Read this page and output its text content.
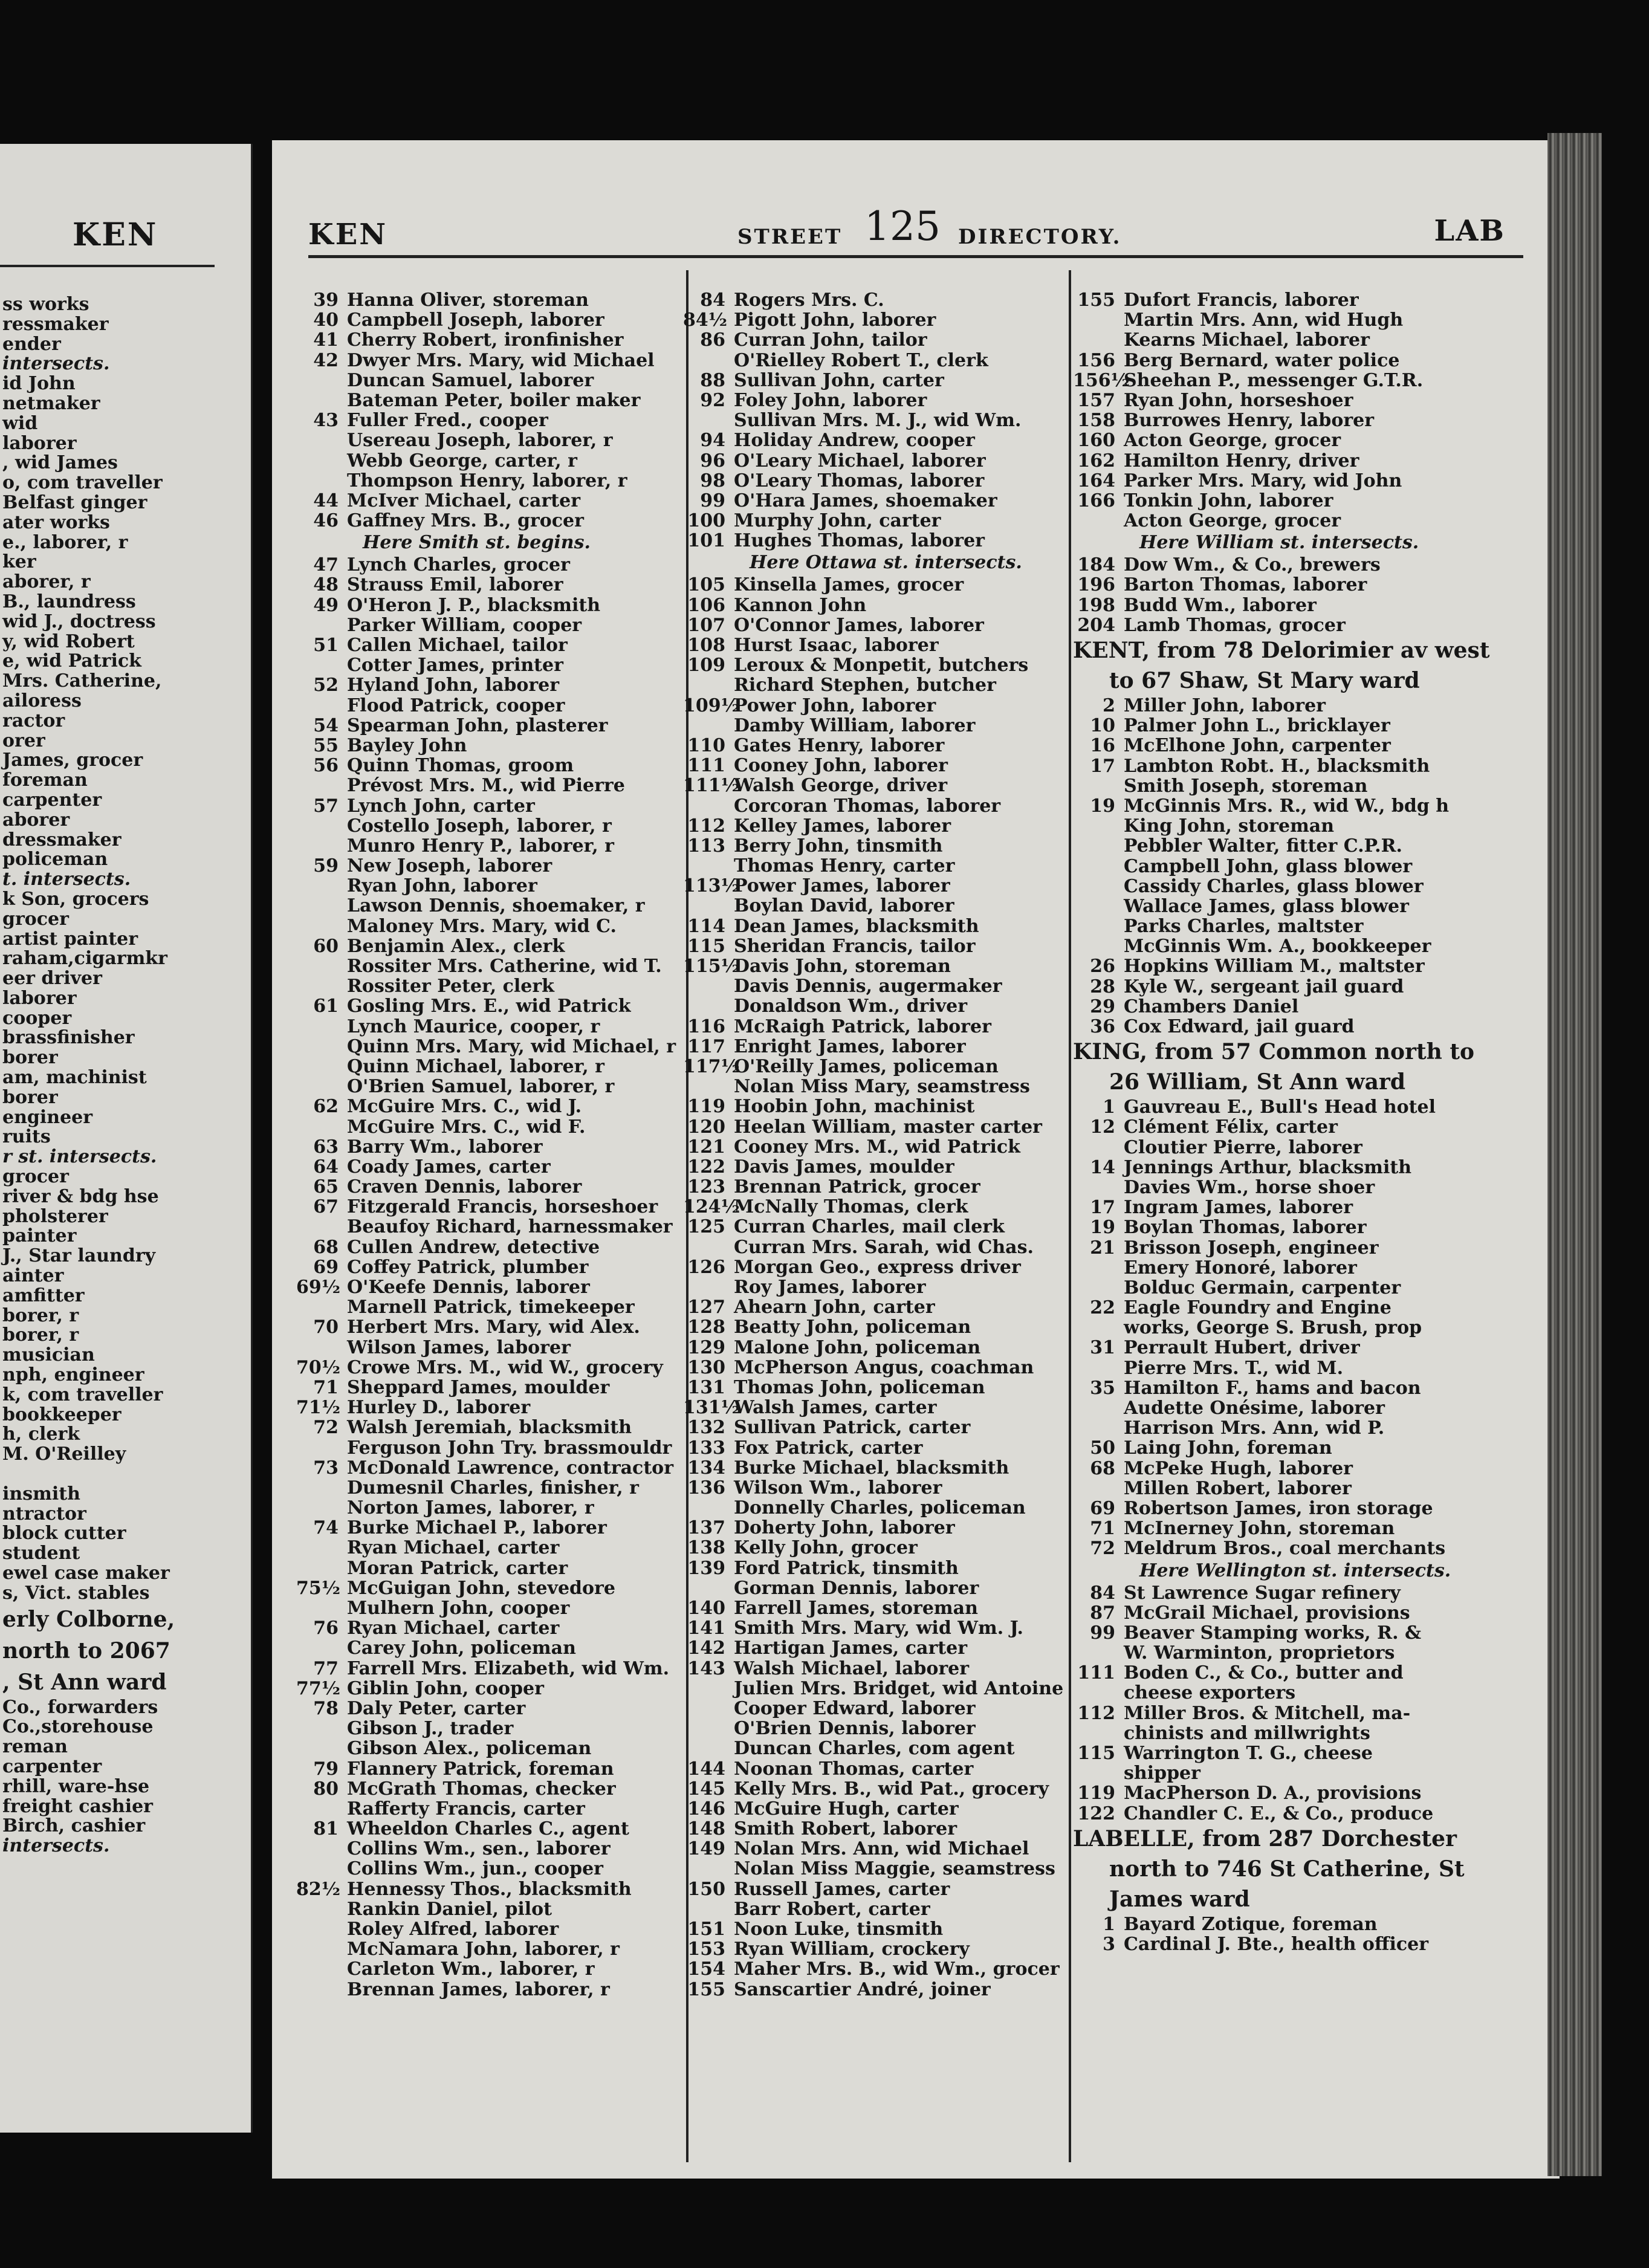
KEN
ss works
ressmaker
ender
intersects.
id John
netmaker
wid
laborer
, wid James
o, com traveller
Belfast ginger
ater works
e., laborer, r
ker
aborer, r
B., laundress
wid J., doctress
y, wid Robert
e, wid Patrick
Mrs. Catherine,
ailoress
ractor
orer
James, grocer
foreman
carpenter
aborer
dressmaker
policeman
t. intersects.
k Son, grocers
grocer
artist painter
raham,cigarmkr
eer driver
laborer
cooper
brassfinisher
borer
am, machinist
borer
engineer
ruits
r st. intersects.
grocer
river & bdg hse
pholsterer
painter
J., Star laundry
ainter
amfitter
borer, r
borer, r
musician
nph, engineer
k, com traveller
bookkeeper
h, clerk
M. O'Reilley
insmith
ntractor
block cutter
student
ewel case maker
s, Vict. stables
erly Colborne,
north to 2067
, St Ann ward
Co., forwarders
Co.,storehouse
reman
carpenter
rhill, ware-hse
freight cashier
Birch, cashier
intersects.
KEN	STREET 125 DIRECTORY.	LAB
39 Hanna Oliver, storeman
40 Campbell Joseph, laborer
41 Cherry Robert, ironfinisher
42 Dwyer Mrs. Mary, wid Michael
Duncan Samuel, laborer
Bateman Peter, boiler maker
43 Fuller Fred., cooper
Usereau Joseph, laborer, r
Webb George, carter, r
Thompson Henry, laborer, r
44 McIver Michael, carter
46 Gaffney Mrs. B., grocer
Here Smith st. begins.
47 Lynch Charles, grocer
48 Strauss Emil, laborer
49 O'Heron J. P., blacksmith
Parker William, cooper
51 Callen Michael, tailor
Cotter James, printer
52 Hyland John, laborer
Flood Patrick, cooper
54 Spearman John, plasterer
55 Bayley John
56 Quinn Thomas, groom
Prévost Mrs. M., wid Pierre
57 Lynch John, carter
Costello Joseph, laborer, r
Munro Henry P., laborer, r
59 New Joseph, laborer
Ryan John, laborer
Lawson Dennis, shoemaker, r
Maloney Mrs. Mary, wid C.
60 Benjamin Alex., clerk
Rossiter Mrs. Catherine, wid T.
Rossiter Peter, clerk
61 Gosling Mrs. E., wid Patrick
Lynch Maurice, cooper, r
Quinn Mrs. Mary, wid Michael, r
Quinn Michael, laborer, r
O'Brien Samuel, laborer, r
62 McGuire Mrs. C., wid J.
McGuire Mrs. C., wid F.
63 Barry Wm., laborer
64 Coady James, carter
65 Craven Dennis, laborer
67 Fitzgerald Francis, horseshoer
Beaufoy Richard, harnessmaker
68 Cullen Andrew, detective
69 Coffey Patrick, plumber
69½ O'Keefe Dennis, laborer
Marnell Patrick, timekeeper
70 Herbert Mrs. Mary, wid Alex.
Wilson James, laborer
70½ Crowe Mrs. M., wid W., grocery
71 Sheppard James, moulder
71½ Hurley D., laborer
72 Walsh Jeremiah, blacksmith
Ferguson John Try. brassmouldr
73 McDonald Lawrence, contractor
Dumesnil Charles, finisher, r
Norton James, laborer, r
74 Burke Michael P., laborer
Ryan Michael, carter
Moran Patrick, carter
75½ McGuigan John, stevedore
Mulhern John, cooper
76 Ryan Michael, carter
Carey John, policeman
77 Farrell Mrs. Elizabeth, wid Wm.
77½ Giblin John, cooper
78 Daly Peter, carter
Gibson J., trader
Gibson Alex., policeman
79 Flannery Patrick, foreman
80 McGrath Thomas, checker
Rafferty Francis, carter
81 Wheeldon Charles C., agent
Collins Wm., sen., laborer
Collins Wm., jun., cooper
82½ Hennessy Thos., blacksmith
Rankin Daniel, pilot
Roley Alfred, laborer
McNamara John, laborer, r
Carleton Wm., laborer, r
Brennan James, laborer, r
84 Rogers Mrs. C.
84½ Pigott John, laborer
86 Curran John, tailor
O'Rielley Robert T., clerk
88 Sullivan John, carter
92 Foley John, laborer
Sullivan Mrs. M. J., wid Wm.
94 Holiday Andrew, cooper
96 O'Leary Michael, laborer
98 O'Leary Thomas, laborer
99 O'Hara James, shoemaker
100 Murphy John, carter
101 Hughes Thomas, laborer
Here Ottawa st. intersects.
105 Kinsella James, grocer
106 Kannon John
107 O'Connor James, laborer
108 Hurst Isaac, laborer
109 Leroux & Monpetit, butchers
Richard Stephen, butcher
109½Power John, laborer
Damby William, laborer
110 Gates Henry, laborer
111 Cooney John, laborer
111½Walsh George, driver
Corcoran Thomas, laborer
112 Kelley James, laborer
113 Berry John, tinsmith
Thomas Henry, carter
113½Power James, laborer
Boylan David, laborer
114 Dean James, blacksmith
115 Sheridan Francis, tailor
115½Davis John, storeman
Davis Dennis, augermaker
Donaldson Wm., driver
116 McRaigh Patrick, laborer
117 Enright James, laborer
117½O'Reilly James, policeman
Nolan Miss Mary, seamstress
119 Hoobin John, machinist
120 Heelan William, master carter
121 Cooney Mrs. M., wid Patrick
122 Davis James, moulder
123 Brennan Patrick, grocer
124½McNally Thomas, clerk
125 Curran Charles, mail clerk
Curran Mrs. Sarah, wid Chas.
126 Morgan Geo., express driver
Roy James, laborer
127 Ahearn John, carter
128 Beatty John, policeman
129 Malone John, policeman
130 McPherson Angus, coachman
131 Thomas John, policeman
131½Walsh James, carter
132 Sullivan Patrick, carter
133 Fox Patrick, carter
134 Burke Michael, blacksmith
136 Wilson Wm., laborer
Donnelly Charles, policeman
137 Doherty John, laborer
138 Kelly John, grocer
139 Ford Patrick, tinsmith
Gorman Dennis, laborer
140 Farrell James, storeman
141 Smith Mrs. Mary, wid Wm. J.
142 Hartigan James, carter
143 Walsh Michael, laborer
Julien Mrs. Bridget, wid Antoine
Cooper Edward, laborer
O'Brien Dennis, laborer
Duncan Charles, com agent
144 Noonan Thomas, carter
145 Kelly Mrs. B., wid Pat., grocery
146 McGuire Hugh, carter
148 Smith Robert, laborer
149 Nolan Mrs. Ann, wid Michael
Nolan Miss Maggie, seamstress
150 Russell James, carter
Barr Robert, carter
151 Noon Luke, tinsmith
153 Ryan William, crockery
154 Maher Mrs. B., wid Wm., grocer
155 Sanscartier André, joiner
155 Dufort Francis, laborer
Martin Mrs. Ann, wid Hugh
Kearns Michael, laborer
156 Berg Bernard, water police
156½Sheehan P., messenger G.T.R.
157 Ryan John, horseshoer
158 Burrowes Henry, laborer
160 Acton George, grocer
162 Hamilton Henry, driver
164 Parker Mrs. Mary, wid John
166 Tonkin John, laborer
Acton George, grocer
Here William st. intersects.
184 Dow Wm., & Co., brewers
196 Barton Thomas, laborer
198 Budd Wm., laborer
204 Lamb Thomas, grocer
KENT, from 78 Delorimier av west
to 67 Shaw, St Mary ward
2 Miller John, laborer
10 Palmer John L., bricklayer
16 McElhone John, carpenter
17 Lambton Robt. H., blacksmith
Smith Joseph, storeman
19 McGinnis Mrs. R., wid W., bdg h
King John, storeman
Pebbler Walter, fitter C.P.R.
Campbell John, glass blower
Cassidy Charles, glass blower
Wallace James, glass blower
Parks Charles, maltster
McGinnis Wm. A., bookkeeper
26 Hopkins William M., maltster
28 Kyle W., sergeant jail guard
29 Chambers Daniel
36 Cox Edward, jail guard
KING, from 57 Common north to
26 William, St Ann ward
1 Gauvreau E., Bull's Head hotel
12 Clément Félix, carter
Cloutier Pierre, laborer
14 Jennings Arthur, blacksmith
Davies Wm., horse shoer
17 Ingram James, laborer
19 Boylan Thomas, laborer
21 Brisson Joseph, engineer
Emery Honoré, laborer
Bolduc Germain, carpenter
22 Eagle Foundry and Engine
works, George S. Brush, prop
31 Perrault Hubert, driver
Pierre Mrs. T., wid M.
35 Hamilton F., hams and bacon
Audette Onésime, laborer
Harrison Mrs. Ann, wid P.
50 Laing John, foreman
68 McPeke Hugh, laborer
Millen Robert, laborer
69 Robertson James, iron storage
71 McInerney John, storeman
72 Meldrum Bros., coal merchants
Here Wellington st. intersects.
84 St Lawrence Sugar refinery
87 McGrail Michael, provisions
99 Beaver Stamping works, R. &
W. Warminton, proprietors
111 Boden C., & Co., butter and
cheese exporters
112 Miller Bros. & Mitchell, ma-
chinists and millwrights
115 Warrington T. G., cheese
shipper
119 MacPherson D. A., provisions
122 Chandler C. E., & Co., produce
LABELLE, from 287 Dorchester
north to 746 St Catherine, St
James ward
1 Bayard Zotique, foreman
3 Cardinal J. Bte., health officer
